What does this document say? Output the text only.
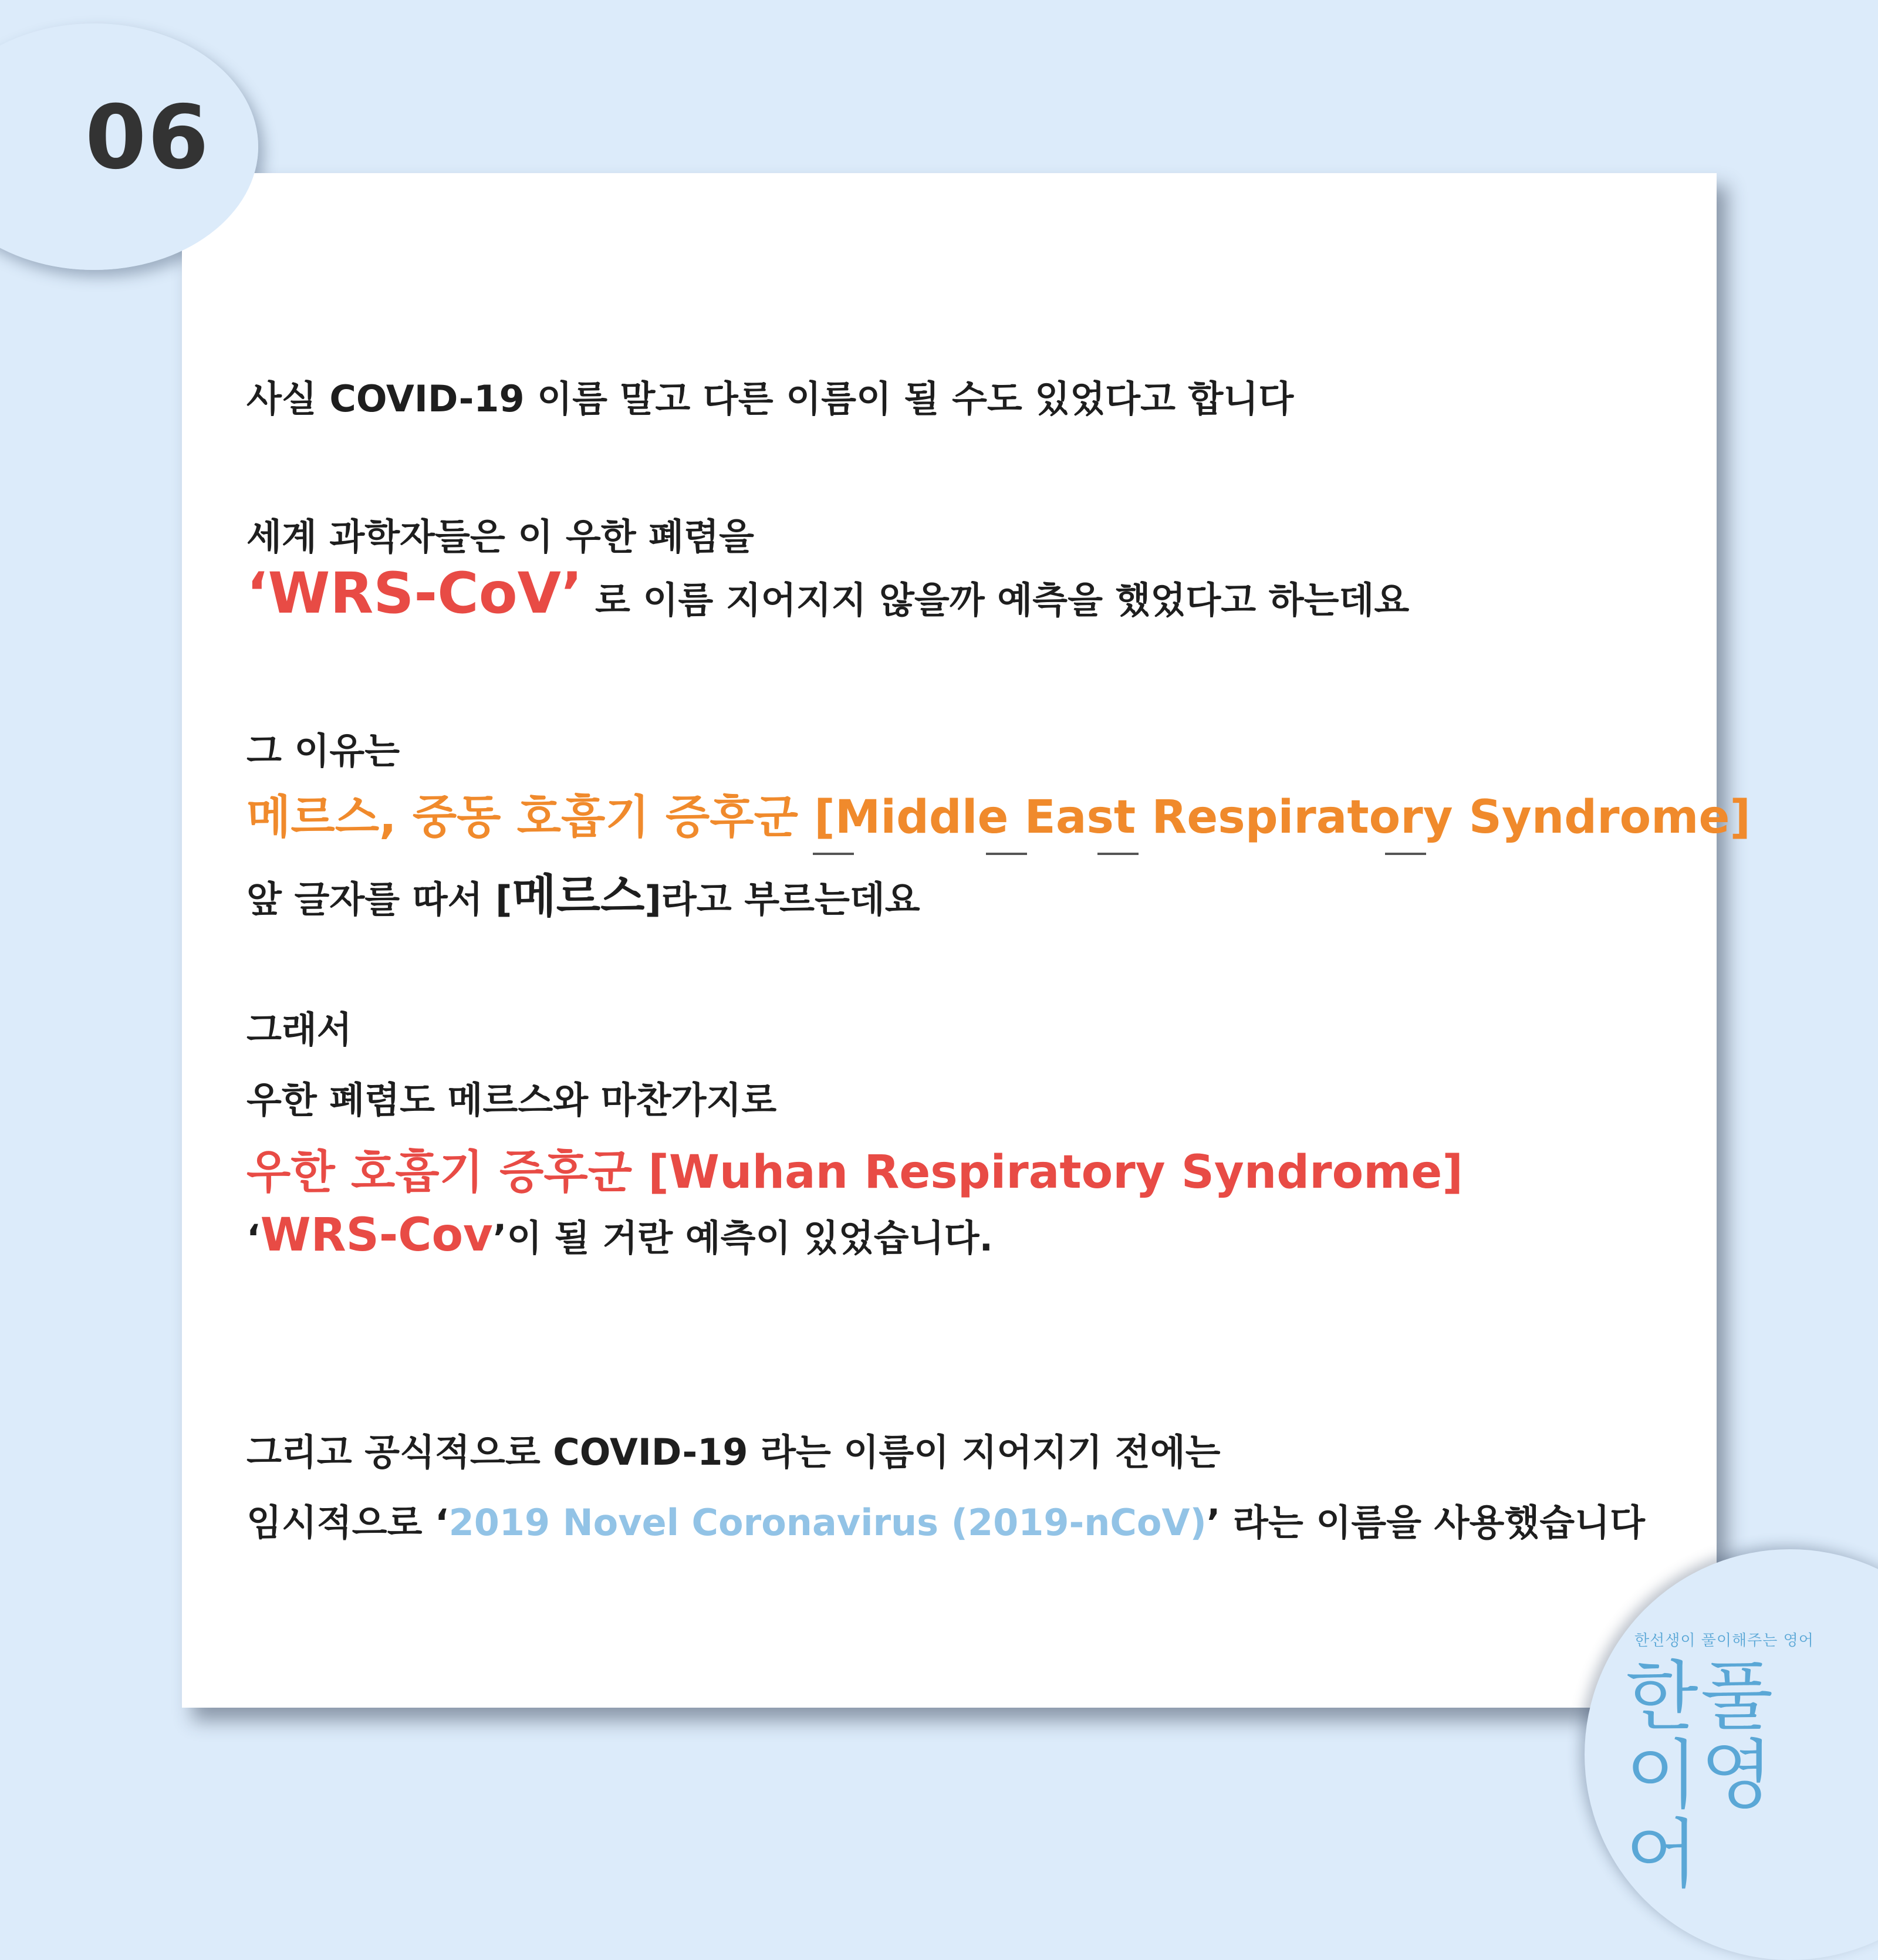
06
사실 COVID-19 이름 말고 다른 이름이 될 수도 있었다고 합니다
세계 과학자들은 이 우한 폐렴을
‘WRS-CoV’ 로 이름 지어지지 않을까 예측을 했었다고 하는데요
그 이유는
메르스, 중동 호흡기 증후군 [Middle East Respiratory Syndrome]
앞 글자를 따서 [메르스]라고 부르는데요
그래서
우한 폐렴도 메르스와 마찬가지로
우한 호흡기 증후군 [Wuhan Respiratory Syndrome]
‘WRS-Cov’이 될 거란 예측이 있었습니다.
그리고 공식적으로 COVID-19 라는 이름이 지어지기 전에는
임시적으로 ‘2019 Novel Coronavirus (2019-nCoV)’ 라는 이름을 사용했습니다
한선생이 풀이해주는 영어
한풀이영어
